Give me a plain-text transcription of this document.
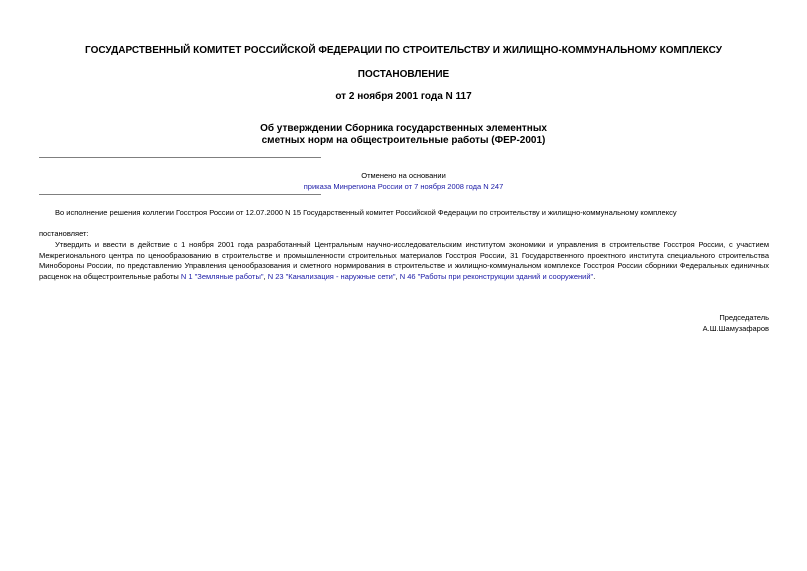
ГОСУДАРСТВЕННЫЙ КОМИТЕТ РОССИЙСКОЙ ФЕДЕРАЦИИ ПО СТРОИТЕЛЬСТВУ И ЖИЛИЩНО-КОММУНАЛЬНОМУ КОМПЛЕКСУ
ПОСТАНОВЛЕНИЕ
от 2 ноября 2001 года N 117
Об утверждении Сборника государственных элементных
сметных норм на общестроительные работы (ФЕР-2001)
Отменено на основании
приказа Минрегиона России от 7 ноября 2008 года N 247
Во исполнение решения коллегии Госстроя России от 12.07.2000 N 15 Государственный комитет Российской Федерации по строительству и жилищно-коммунальному комплексу
постановляет:
Утвердить и ввести в действие с 1 ноября 2001 года разработанный Центральным научно-исследовательским институтом экономики и управления в строительстве Госстроя России, с участием Межрегионального центра по ценообразованию в строительстве и промышленности строительных материалов Госстроя России, 31 Государственного проектного института специального строительства Минобороны России, по представлению Управления ценообразования и сметного нормирования в строительстве и жилищно-коммунальном комплексе Госстроя России сборники Федеральных единичных расценок на общестроительные работы N 1 "Земляные работы", N 23 "Канализация - наружные сети", N 46 "Работы при реконструкции зданий и сооружений".
Председатель
А.Ш.Шамузафаров
